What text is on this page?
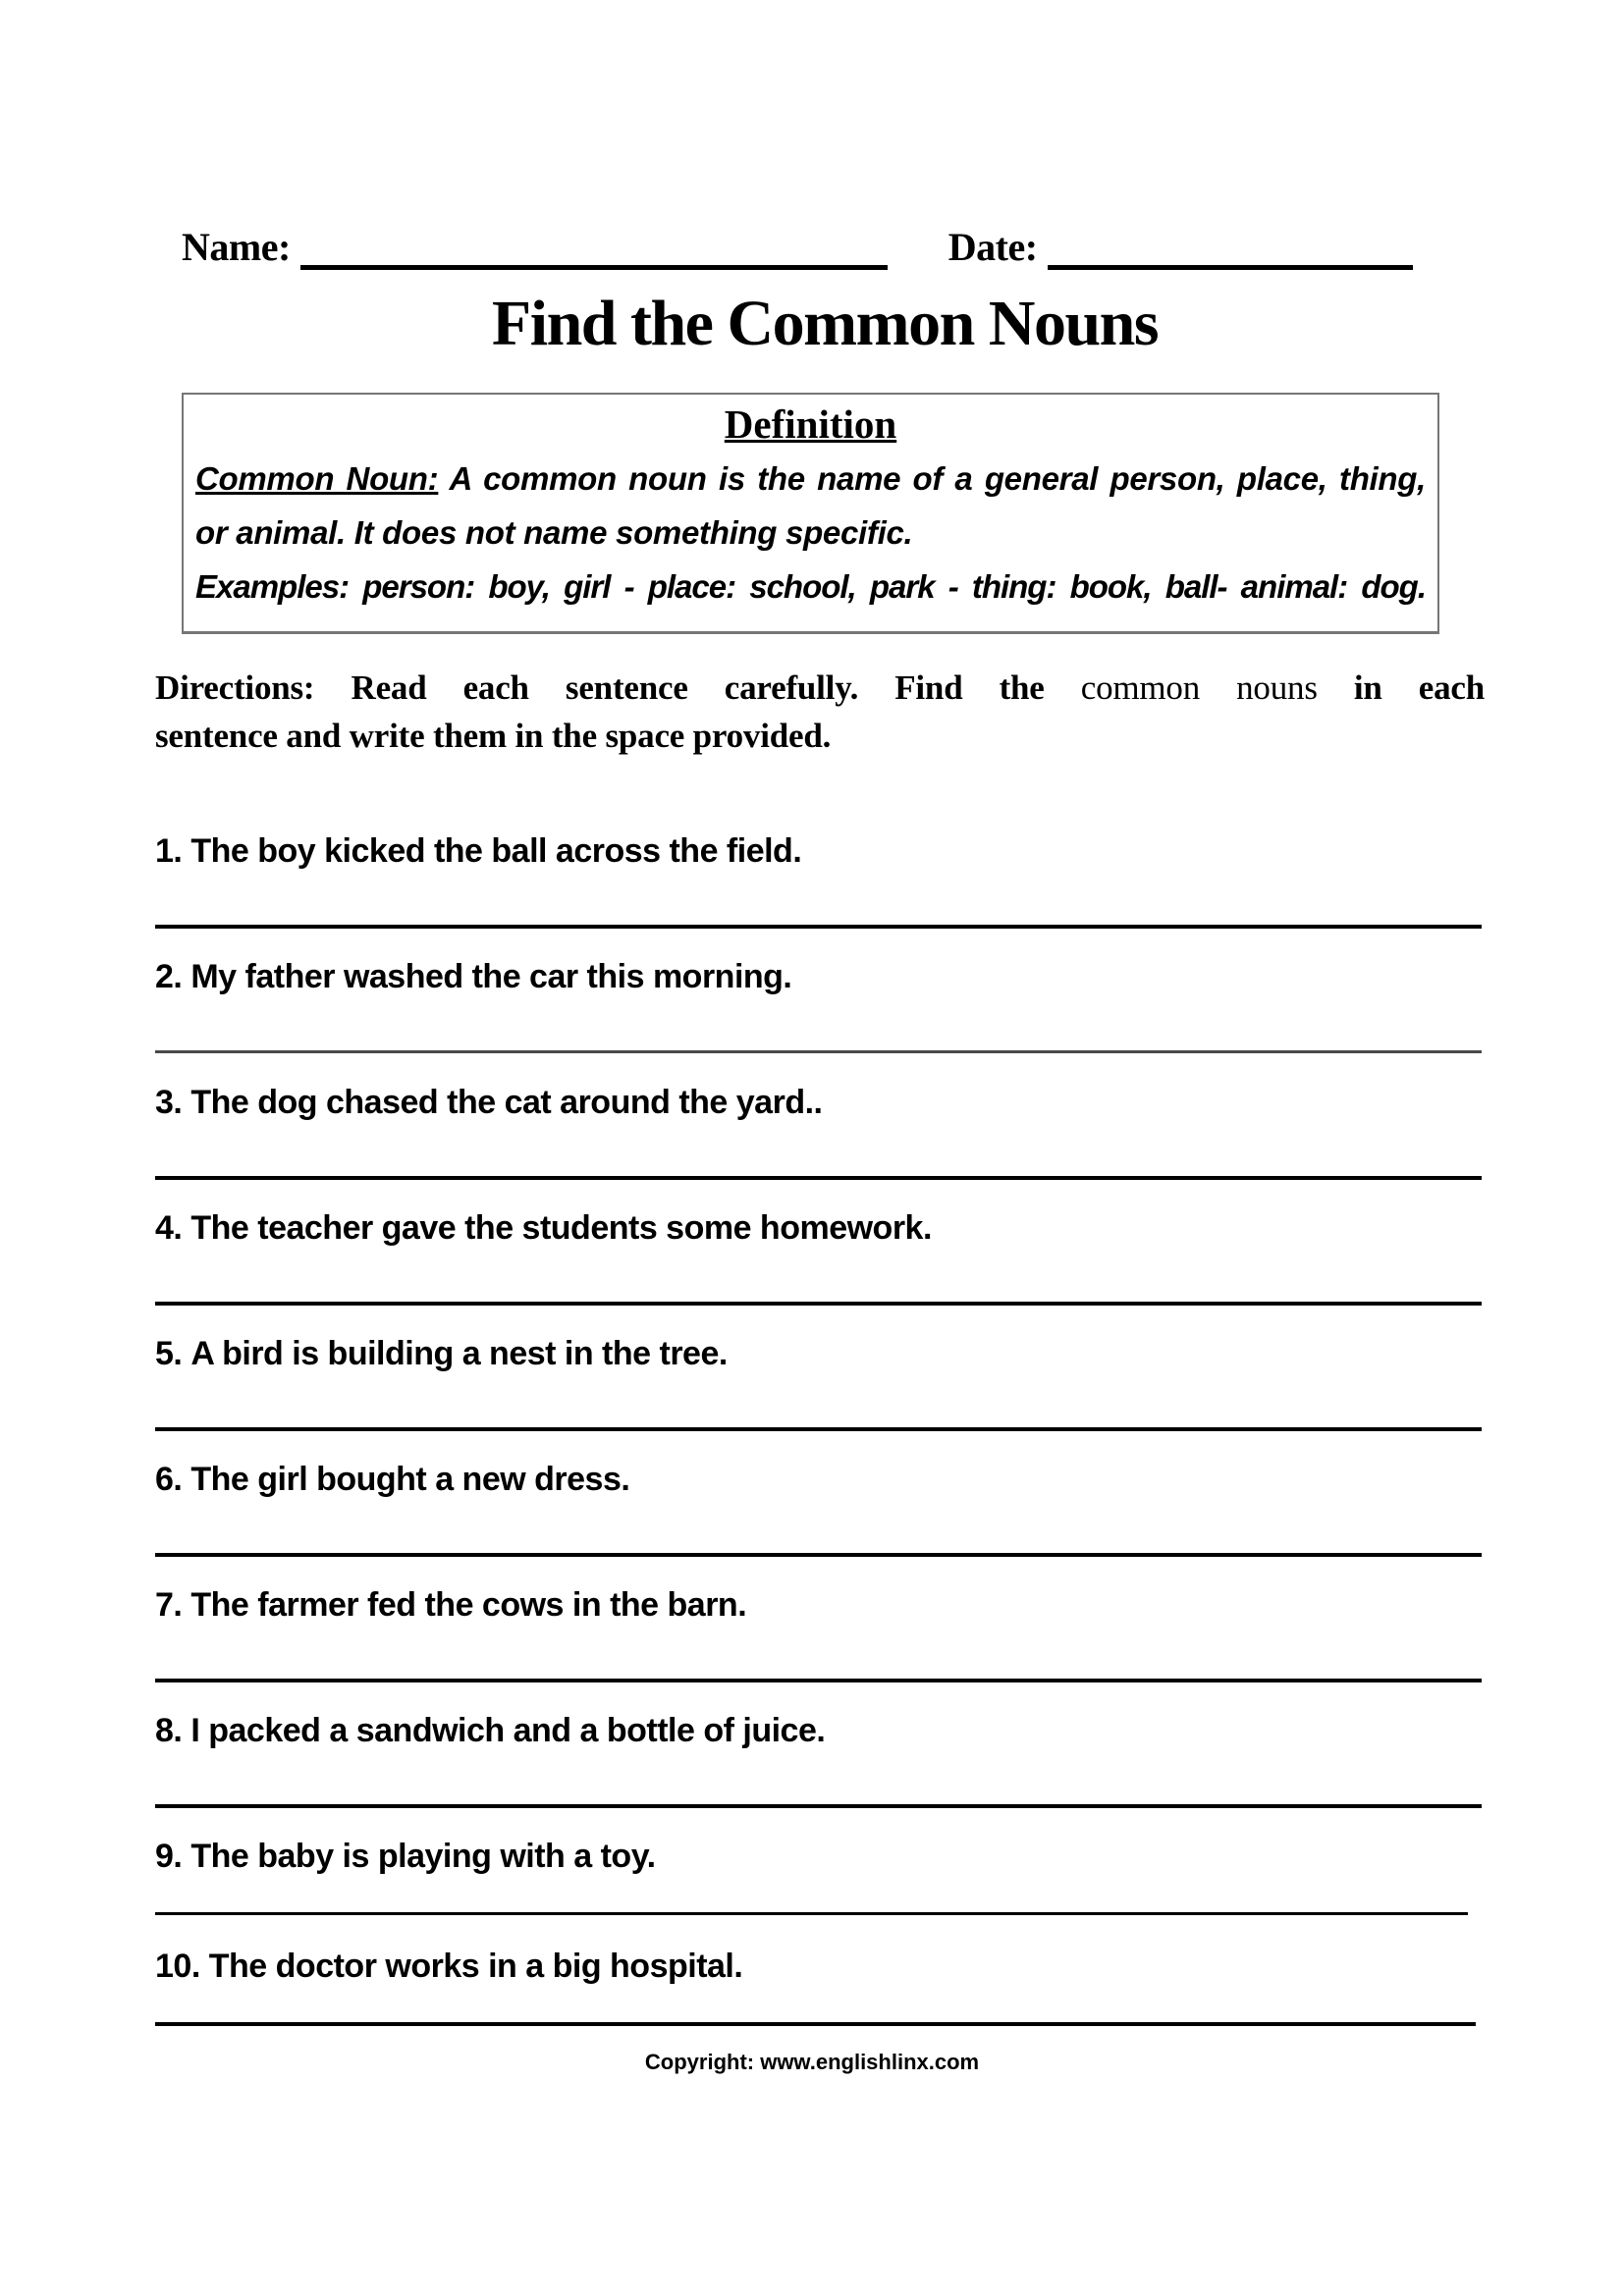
Name:	Date:
Find the Common Nouns
Definition
Common Noun: A common noun is the name of a general person, place, thing,
or animal. It does not name something specific.
Examples: person: boy, girl - place: school, park - thing: book, ball- animal: dog.
Directions: Read each sentence carefully. Find the common nouns in each
sentence and write them in the space provided.
1. The boy kicked the ball across the field.
2. My father washed the car this morning.
3. The dog chased the cat around the yard..
4. The teacher gave the students some homework.
5. A bird is building a nest in the tree.
6. The girl bought a new dress.
7. The farmer fed the cows in the barn.
8. I packed a sandwich and a bottle of juice.
9. The baby is playing with a toy.
10. The doctor works in a big hospital.
Copyright: www.englishlinx.com
